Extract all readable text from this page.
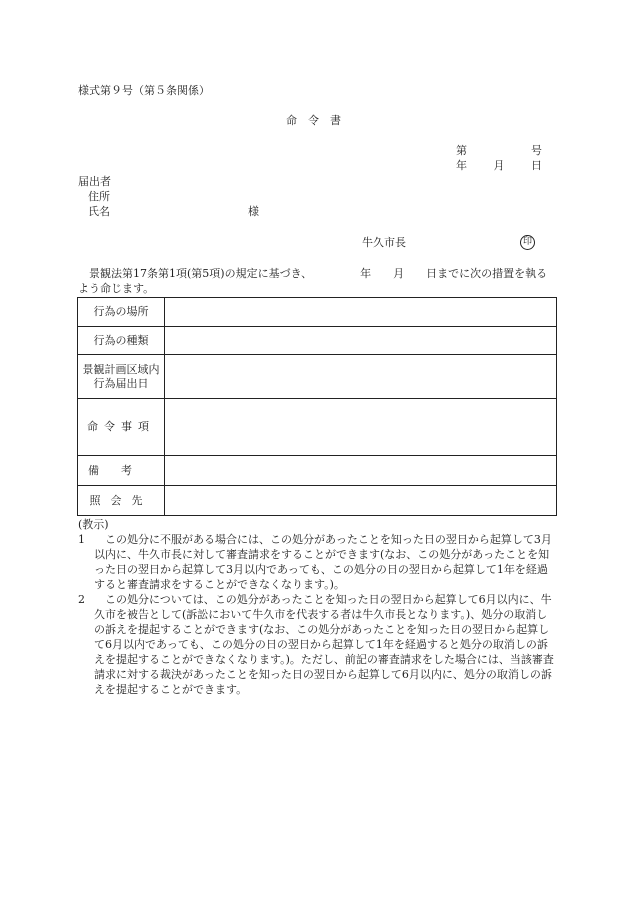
様式第９号（第５条関係）
命　令　書
第	号
年 月 日
届出者
住所
氏名	様
牛久市長	印
　景観法第17条第1項(第5項)の規定に基づき、	年 月 日までに次の措置を執るよう命じます。
行為の場所	
行為の種類	
景観計画区域内行為届出日	
命令事項	
備考	
照会先	
(教示)
1
　	この処分に不服がある場合には、この処分があったことを知った日の翌日から起算して3月以内に、牛久市長に対して審査請求をすることができます(なお、この処分があったことを知った日の翌日から起算して3月以内であっても、この処分の日の翌日から起算して1年を経過すると審査請求をすることができなくなります。)。
2
　	この処分については、この処分があったことを知った日の翌日から起算して6月以内に、牛久市を被告として(訴訟において牛久市を代表する者は牛久市長となります。)、処分の取消しの訴えを提起することができます(なお、この処分があったことを知った日の翌日から起算して6月以内であっても、この処分の日の翌日から起算して1年を経過すると処分の取消しの訴えを提起することができなくなります。)。ただし、前記の審査請求をした場合には、当該審査請求に対する裁決があったことを知った日の翌日から起算して6月以内に、処分の取消しの訴えを提起することができます。
